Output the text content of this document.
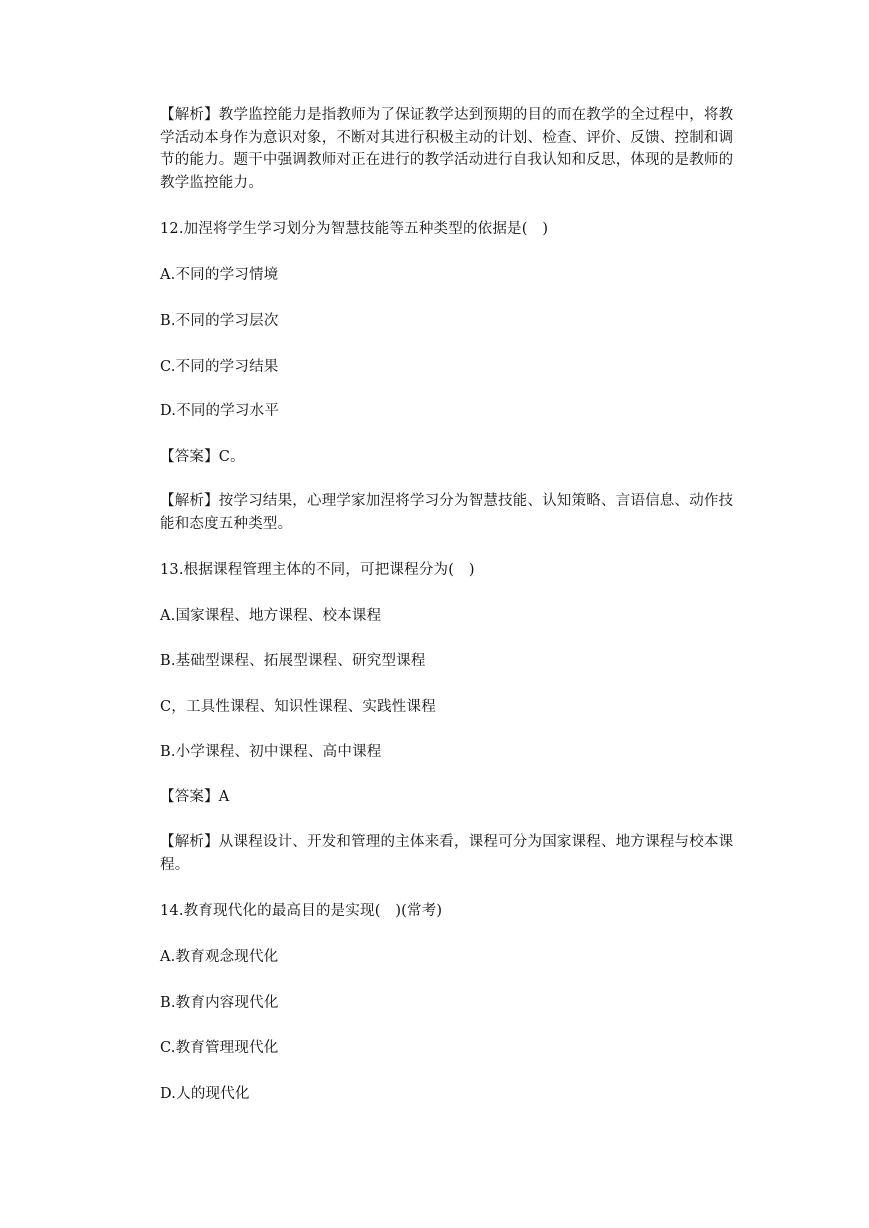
【解析】教学监控能力是指教师为了保证教学达到预期的目的而在教学的全过程中，将教学活动本身作为意识对象，不断对其进行积极主动的计划、检查、评价、反馈、控制和调节的能力。题干中强调教师对正在进行的教学活动进行自我认知和反思，体现的是教师的教学监控能力。
12.加涅将学生学习划分为智慧技能等五种类型的依据是(　)
A.不同的学习情境
B.不同的学习层次
C.不同的学习结果
D.不同的学习水平
【答案】C。
【解析】按学习结果，心理学家加涅将学习分为智慧技能、认知策略、言语信息、动作技能和态度五种类型。
13.根据课程管理主体的不同，可把课程分为(　)
A.国家课程、地方课程、校本课程
B.基础型课程、拓展型课程、研究型课程
C，工具性课程、知识性课程、实践性课程
B.小学课程、初中课程、高中课程
【答案】A
【解析】从课程设计、开发和管理的主体来看，课程可分为国家课程、地方课程与校本课程。
14.教育现代化的最高目的是实现(　)(常考)
A.教育观念现代化
B.教育内容现代化
C.教育管理现代化
D.人的现代化
